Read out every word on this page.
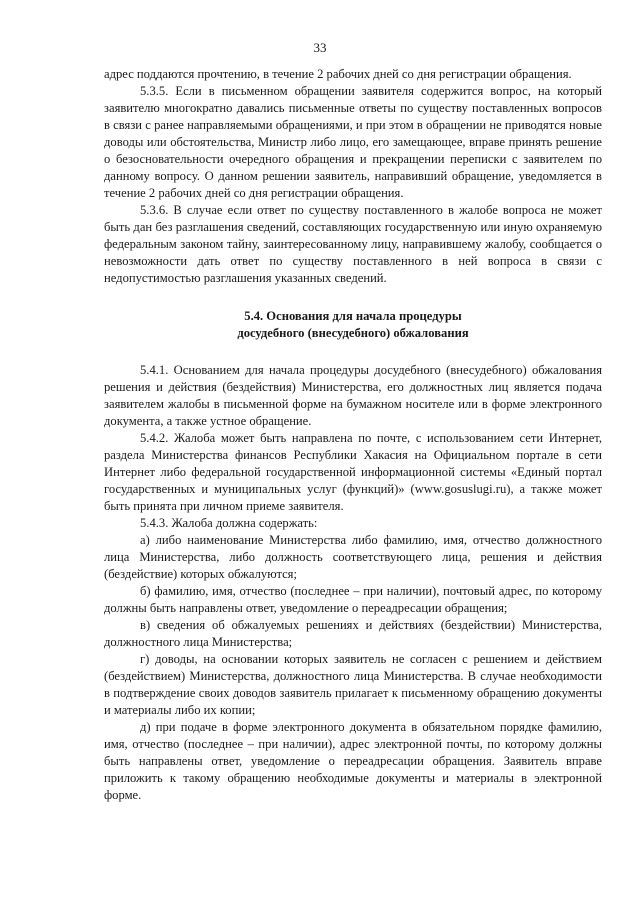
33

адрес поддаются прочтению, в течение 2 рабочих дней со дня регистрации обращения.

5.3.5. Если в письменном обращении заявителя содержится вопрос, на который заявителю многократно давались письменные ответы по существу поставленных вопросов в связи с ранее направляемыми обращениями, и при этом в обращении не приводятся новые доводы или обстоятельства, Министр либо лицо, его замещающее, вправе принять решение о безосновательности очередного обращения и прекращении переписки с заявителем по данному вопросу. О данном решении заявитель, направивший обращение, уведомляется в течение 2 рабочих дней со дня регистрации обращения.

5.3.6. В случае если ответ по существу поставленного в жалобе вопроса не может быть дан без разглашения сведений, составляющих государственную или иную охраняемую федеральным законом тайну, заинтересованному лицу, направившему жалобу, сообщается о невозможности дать ответ по существу поставленного в ней вопроса в связи с недопустимостью разглашения указанных сведений.

5.4. Основания для начала процедуры
досудебного (внесудебного) обжалования

5.4.1. Основанием для начала процедуры досудебного (внесудебного) обжалования решения и действия (бездействия) Министерства, его должностных лиц является подача заявителем жалобы в письменной форме на бумажном носителе или в форме электронного документа, а также устное обращение.

5.4.2. Жалоба может быть направлена по почте, с использованием сети Интернет, раздела Министерства финансов Республики Хакасия на Официальном портале в сети Интернет либо федеральной государственной информационной системы «Единый портал государственных и муниципальных услуг (функций)» (www.gosuslugi.ru), а также может быть принята при личном приеме заявителя.

5.4.3. Жалоба должна содержать:

а) либо наименование Министерства либо фамилию, имя, отчество должностного лица Министерства, либо должность соответствующего лица, решения и действия (бездействие) которых обжалуются;

б) фамилию, имя, отчество (последнее – при наличии), почтовый адрес, по которому должны быть направлены ответ, уведомление о переадресации обращения;

в) сведения об обжалуемых решениях и действиях (бездействии) Министерства, должностного лица Министерства;

г) доводы, на основании которых заявитель не согласен с решением и действием (бездействием) Министерства, должностного лица Министерства. В случае необходимости в подтверждение своих доводов заявитель прилагает к письменному обращению документы и материалы либо их копии;

д) при подаче в форме электронного документа в обязательном порядке фамилию, имя, отчество (последнее – при наличии), адрес электронной почты, по которому должны быть направлены ответ, уведомление о переадресации обращения. Заявитель вправе приложить к такому обращению необходимые документы и материалы в электронной форме.
